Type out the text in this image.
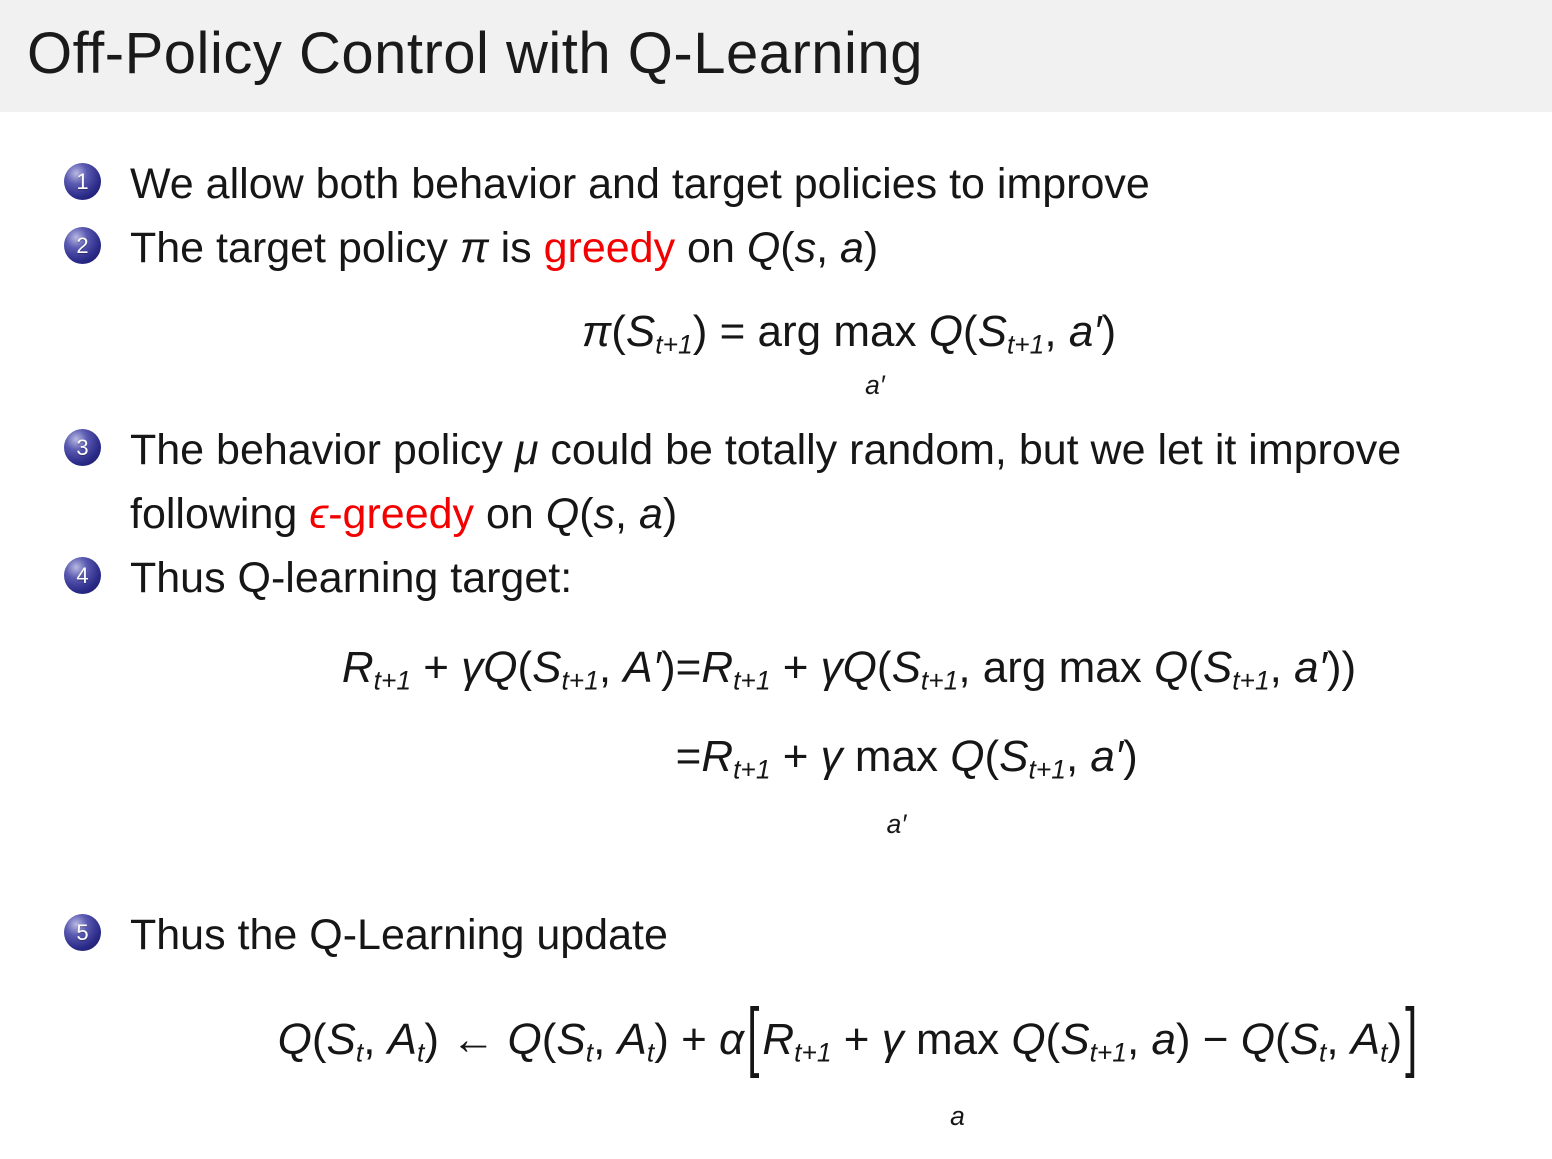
Off-Policy Control with Q-Learning
1 We allow both behavior and target policies to improve
2 The target policy π is greedy on Q(s, a)
π(St+1) = arg max
a′
Q(St+1, a′)
3 The behavior policy μ could be totally random, but we let it improve
following ϵ-greedy on Q(s, a)
4 Thus Q-learning target:
Rt+1 + γQ(St+1, A′) =Rt+1 + γQ(St+1, arg max Q(St+1, a′))
=Rt+1 + γ max
a′
Q(St+1, a′)
5 Thus the Q-Learning update
Q(St, At) ← Q(St, At) + α[Rt+1 + γ max
a
Q(St+1, a) − Q(St, At)]
